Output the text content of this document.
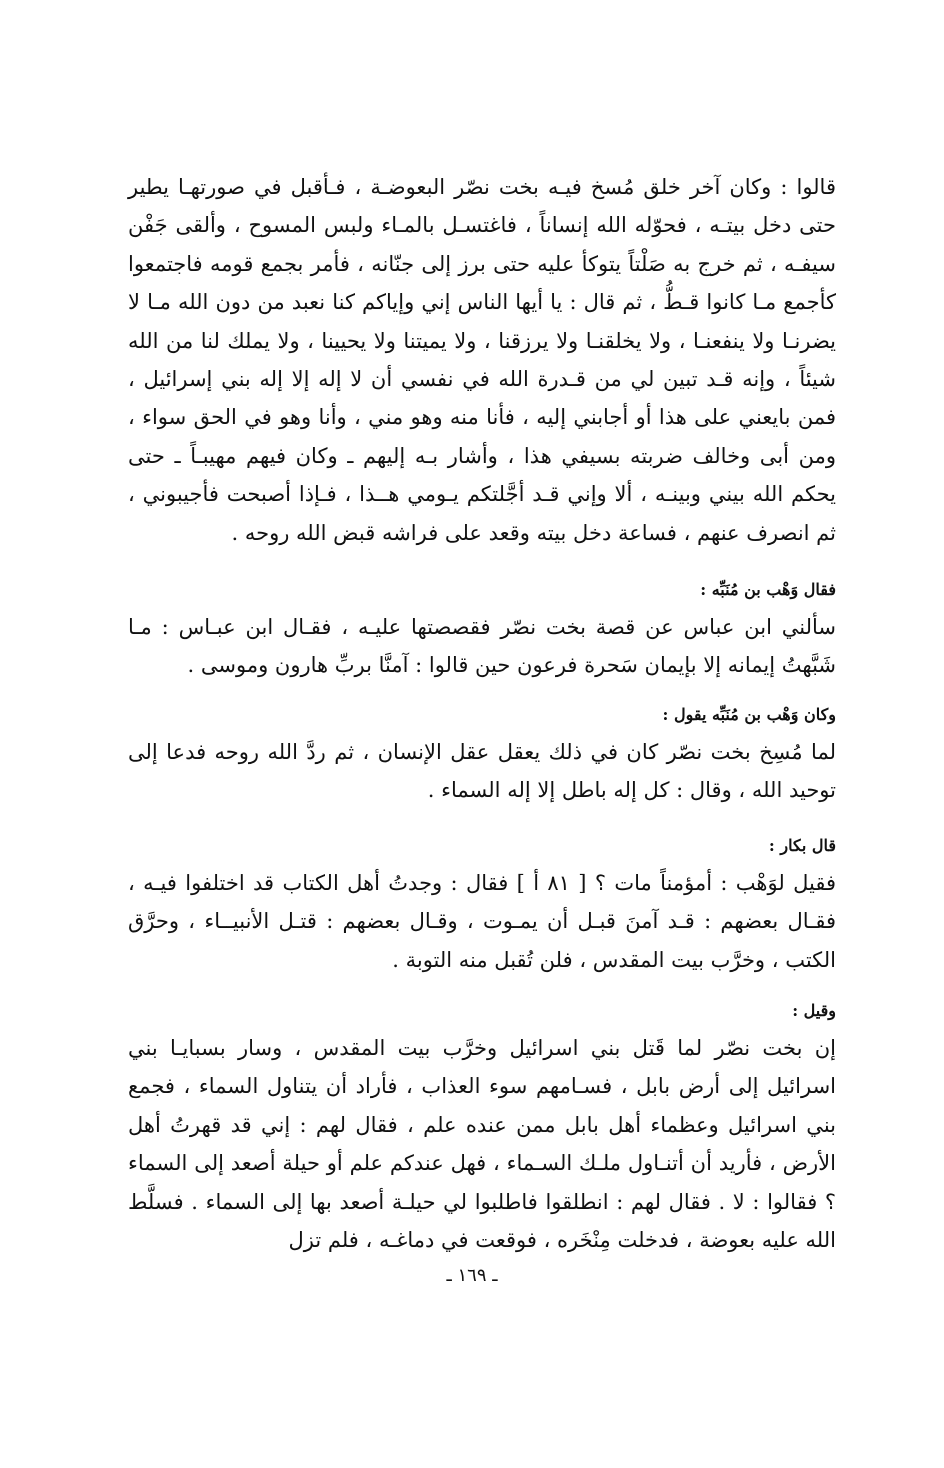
قالوا : وكان آخر خلق مُسخ فيـه بخت نصّر البعوضـة ، فـأقبل في صورتهـا يطير حتى دخل بيتـه ، فحوّله الله إنساناً ، فاغتسـل بالمـاء ولبس المسوح ، وألقى جَفْن سيفـه ، ثم خرج به صَلْتاً يتوكأ عليه حتى برز إلى جنّانه ، فأمر بجمع قومه فاجتمعوا كأجمع مـا كانوا قـطُّ ، ثم قال : يا أيها الناس إني وإياكم كنا نعبد من دون الله مـا لا يضرنـا ولا ينفعنـا ، ولا يخلقنـا ولا يرزقنا ، ولا يميتنا ولا يحيينا ، ولا يملك لنا من الله شيئاً ، وإنه قـد تبين لي من قـدرة الله في نفسي أن لا إله إلا إله بني إسرائيل ، فمن بايعني على هذا أو أجابني إليه ، فأنا منه وهو مني ، وأنا وهو في الحق سواء ، ومن أبى وخالف ضربته بسيفي هذا ، وأشار بـه إليهم ـ وكان فيهم مهيبـاً ـ حتى يحكم الله بيني وبينـه ، ألا وإني قـد أجَّلتكم يـومي هــذا ، فـإذا أصبحت فأجيبوني ، ثم انصرف عنهم ، فساعة دخل بيته وقعد على فراشه قبض الله روحه .

فقال وَهْب بن مُنَبِّه :

سألني ابن عباس عن قصة بخت نصّر فقصصتها عليـه ، فقـال ابن عبـاس : مـا شَبَّهتُ إيمانه إلا بإيمان سَحرة فرعون حين قالوا : آمنَّا بربِّ هارون وموسى .

وكان وَهْب بن مُنَبِّه يقول :

لما مُسِخ بخت نصّر كان في ذلك يعقل عقل الإنسان ، ثم ردَّ الله روحه فدعا إلى توحيد الله ، وقال : كل إله باطل إلا إله السماء .

قال بكار :

فقيل لوَهْب : أمؤمناً مات ؟ [ ٨١ أ ] فقال : وجدتُ أهل الكتاب قد اختلفوا فيـه ، فقـال بعضهم : قـد آمنَ قبـل أن يمـوت ، وقـال بعضهم : قتـل الأنبيــاء ، وحرَّق الكتب ، وخرَّب بيت المقدس ، فلن تُقبل منه التوبة .

وقيل :

إن بخت نصّر لما قَتل بني اسرائيل وخرَّب بيت المقدس ، وسار بسبايـا بني اسرائيل إلى أرض بابل ، فسـامهم سوء العذاب ، فأراد أن يتناول السماء ، فجمع بني اسرائيل وعظماء أهل بابل ممن عنده علم ، فقال لهم : إني قد قهرتُ أهل الأرض ، فأريد أن أتنـاول ملـك السـماء ، فهل عندكم علم أو حيلة أصعد إلى السماء ؟ فقالوا : لا . فقال لهم : انطلقوا فاطلبوا لي حيلـة أصعد بها إلى السماء . فسلَّط الله عليه بعوضة ، فدخلت مِنْخَره ، فوقعت في دماغـه ، فلم تزل

ـ ١٦٩ ـ
